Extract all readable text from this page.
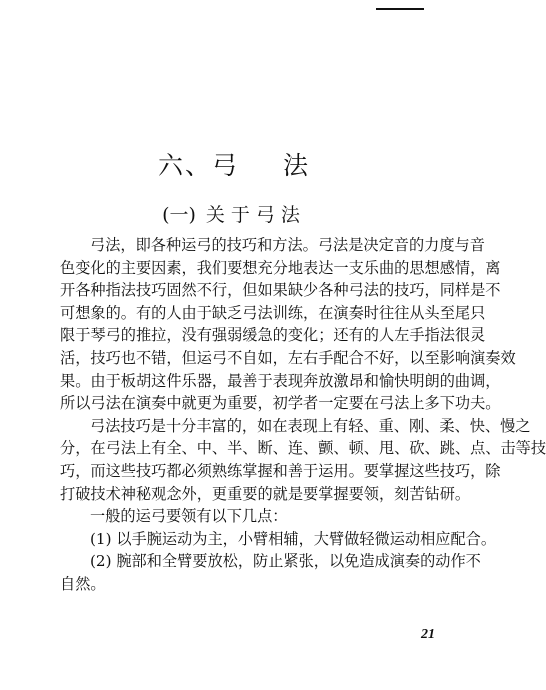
六、弓 法
(一) 关于弓法
弓法，即各种运弓的技巧和方法。弓法是决定音的力度与音
色变化的主要因素，我们要想充分地表达一支乐曲的思想感情，离
开各种指法技巧固然不行，但如果缺少各种弓法的技巧，同样是不
可想象的。有的人由于缺乏弓法训练，在演奏时往往从头至尾只
限于琴弓的推拉，没有强弱缓急的变化；还有的人左手指法很灵
活，技巧也不错，但运弓不自如，左右手配合不好，以至影响演奏效
果。由于板胡这件乐器，最善于表现奔放激昂和愉快明朗的曲调，
所以弓法在演奏中就更为重要，初学者一定要在弓法上多下功夫。
弓法技巧是十分丰富的，如在表现上有轻、重、刚、柔、快、慢之
分，在弓法上有全、中、半、断、连、颤、顿、甩、砍、跳、点、击等技
巧，而这些技巧都必须熟练掌握和善于运用。要掌握这些技巧，除
打破技术神秘观念外，更重要的就是要掌握要领，刻苦钻研。
一般的运弓要领有以下几点：
(1) 以手腕运动为主，小臂相辅，大臂做轻微运动相应配合。
(2) 腕部和全臂要放松，防止紧张，以免造成演奏的动作不
自然。
21
